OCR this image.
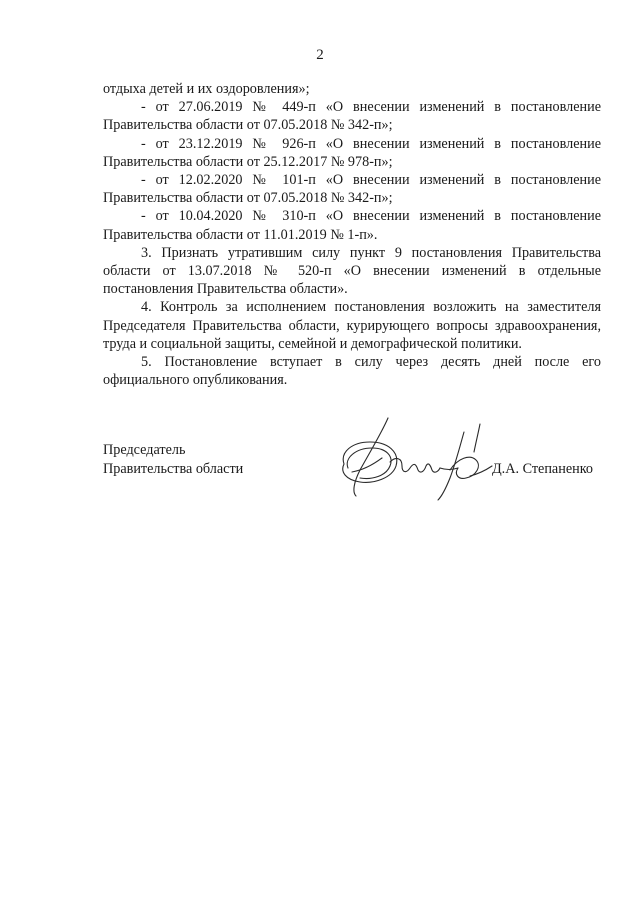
2

отдыха детей и их оздоровления»;

- от 27.06.2019 № 449-п «О внесении изменений в постановление Правительства области от 07.05.2018 № 342-п»;

- от 23.12.2019 № 926-п «О внесении изменений в постановление Правительства области от 25.12.2017 № 978-п»;

- от 12.02.2020 № 101-п «О внесении изменений в постановление Правительства области от 07.05.2018 № 342-п»;

- от 10.04.2020 № 310-п «О внесении изменений в постановление Правительства области от 11.01.2019 № 1-п».

3. Признать утратившим силу пункт 9 постановления Правительства области от 13.07.2018 № 520-п «О внесении изменений в отдельные постановления Правительства области».

4. Контроль за исполнением постановления возложить на заместителя Председателя Правительства области, курирующего вопросы здравоохранения, труда и социальной защиты, семейной и демографической политики.

5. Постановление вступает в силу через десять дней после его официального опубликования.

Председатель
Правительства области	Д.А. Степаненко
